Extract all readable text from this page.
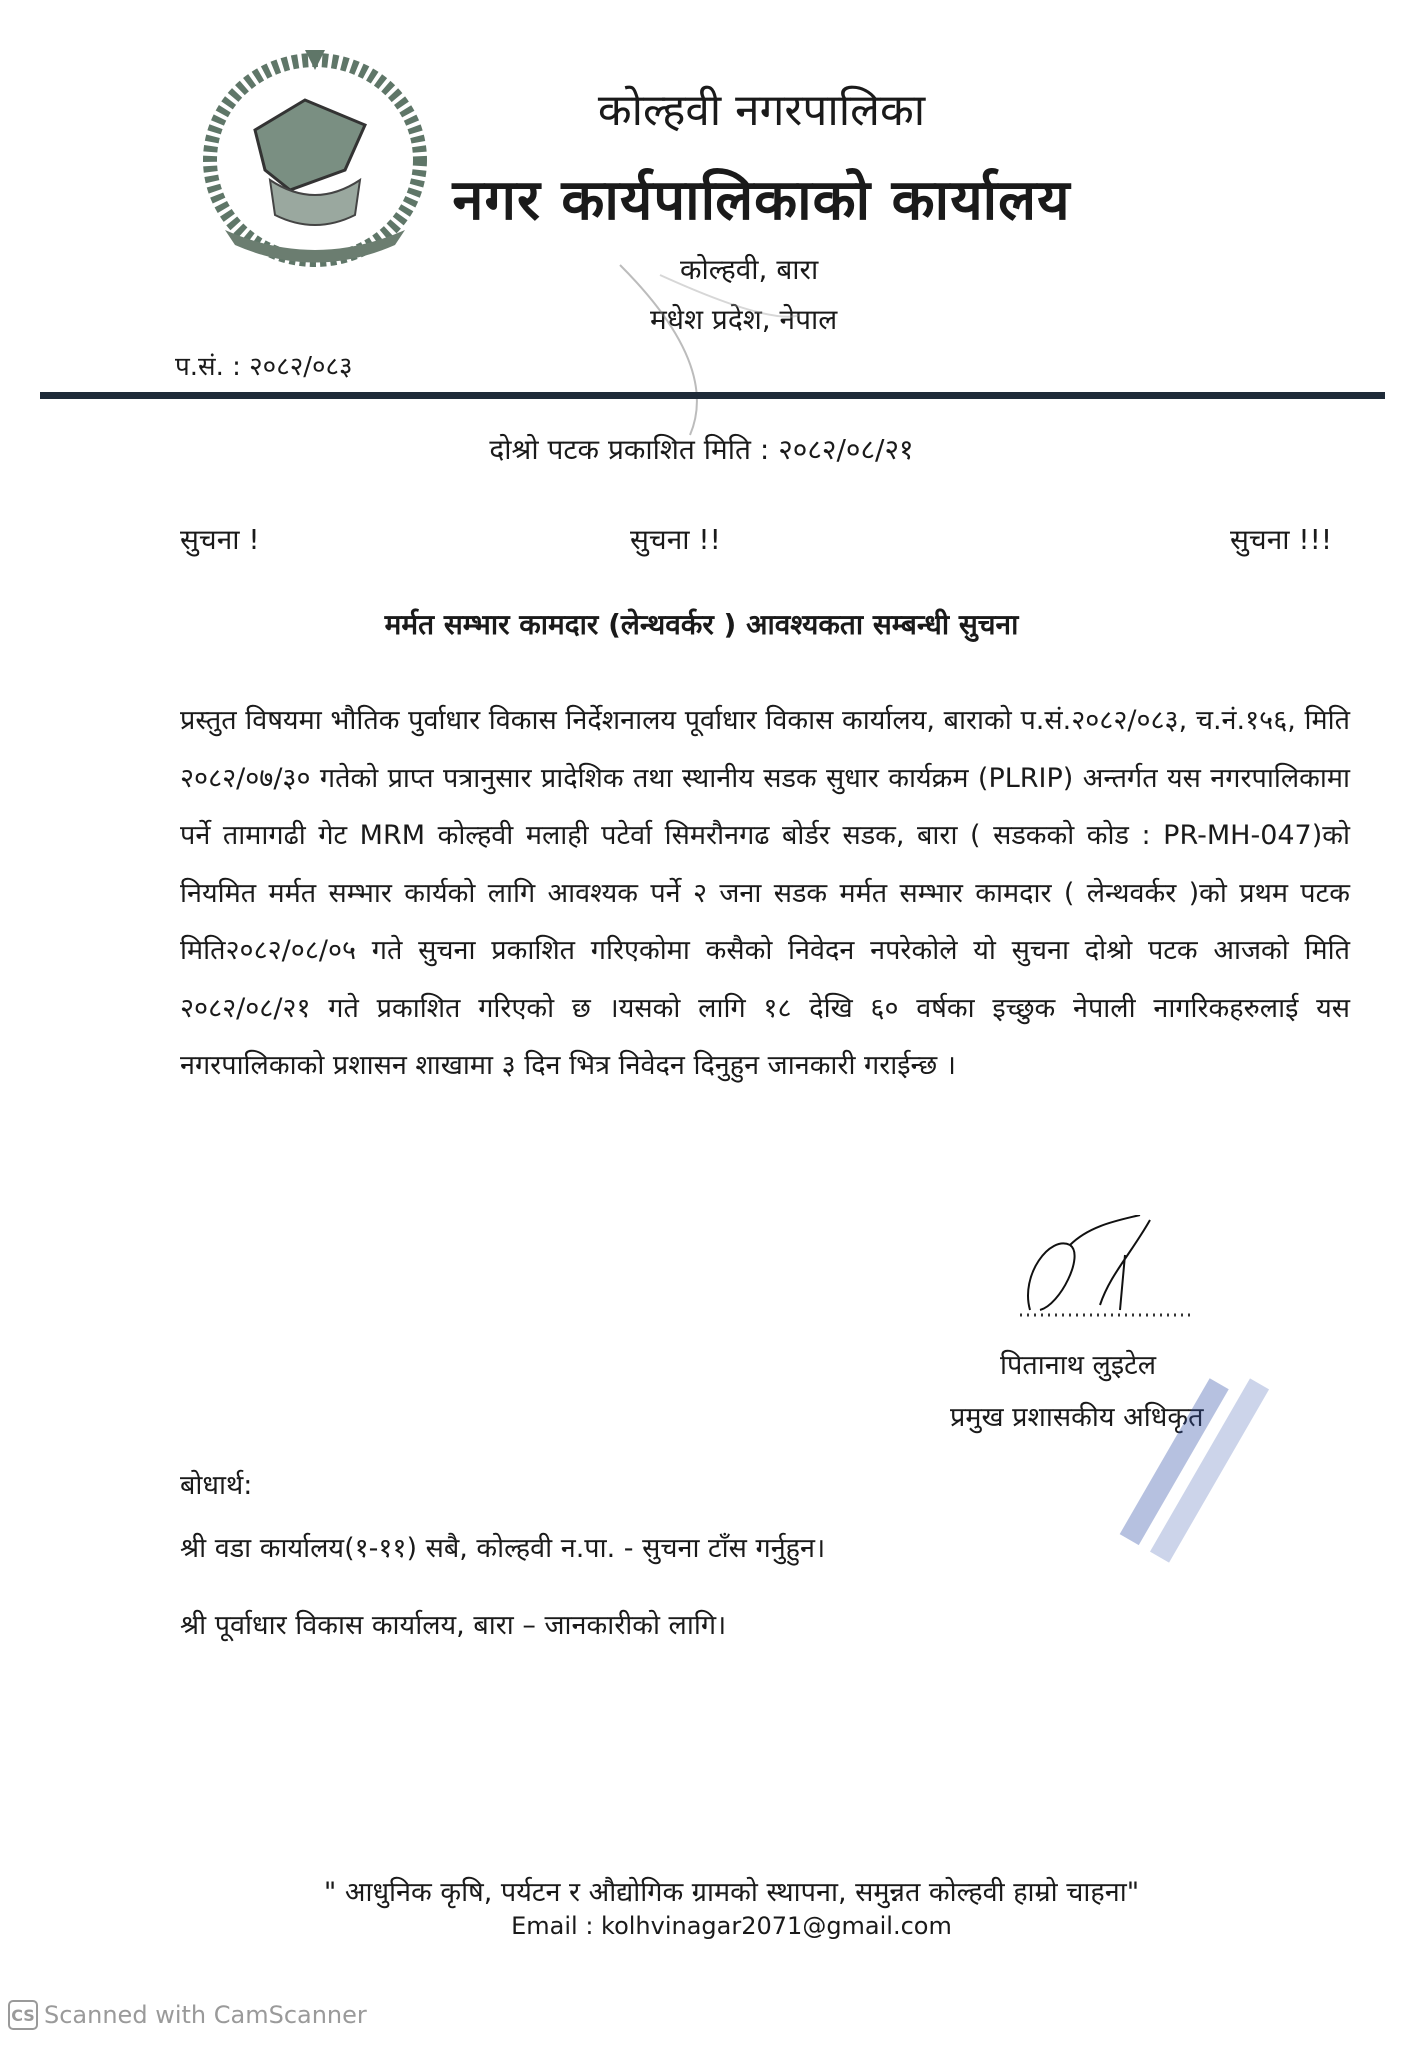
कोल्हवी नगरपालिका
नगर कार्यपालिकाको कार्यालय
कोल्हवी, बारा
मधेश प्रदेश, नेपाल
प.सं. : २०८२/०८३
दोश्रो पटक प्रकाशित मिति : २०८२/०८/२१
सुचना !	सुचना !!	सुचना !!!
मर्मत सम्भार कामदार (लेन्थवर्कर ) आवश्यकता सम्बन्धी सुचना
प्रस्तुत विषयमा भौतिक पुर्वाधार विकास निर्देशनालय पूर्वाधार विकास कार्यालय, बाराको प.सं.२०८२/०८३, च.नं.१५६, मिति २०८२/०७/३० गतेको प्राप्त पत्रानुसार प्रादेशिक तथा स्थानीय सडक सुधार कार्यक्रम (PLRIP) अन्तर्गत यस नगरपालिकामा पर्ने तामागढी गेट MRM कोल्हवी मलाही पटेर्वा सिमरौनगढ बोर्डर सडक, बारा ( सडकको कोड : PR-MH-047)को नियमित मर्मत सम्भार कार्यको लागि आवश्यक पर्ने २ जना सडक मर्मत सम्भार कामदार ( लेन्थवर्कर )को प्रथम पटक मिति२०८२/०८/०५ गते सुचना प्रकाशित गरिएकोमा कसैको निवेदन नपरेकोले यो सुचना दोश्रो पटक आजको मिति २०८२/०८/२१ गते प्रकाशित गरिएको छ ।यसको लागि १८ देखि ६० वर्षका इच्छुक नेपाली नागरिकहरुलाई यस नगरपालिकाको प्रशासन शाखामा ३ दिन भित्र निवेदन दिनुहुन जानकारी गराईन्छ ।
पितानाथ लुइटेल
प्रमुख प्रशासकीय अधिकृत
बोधार्थ:
श्री वडा कार्यालय(१-११) सबै, कोल्हवी न.पा. - सुचना टाँस गर्नुहुन।
श्री पूर्वाधार विकास कार्यालय, बारा – जानकारीको लागि।
" आधुनिक कृषि, पर्यटन र औद्योगिक ग्रामको स्थापना, समुन्नत कोल्हवी हाम्रो चाहना"
Email : kolhvinagar2071@gmail.com
CS Scanned with CamScanner
